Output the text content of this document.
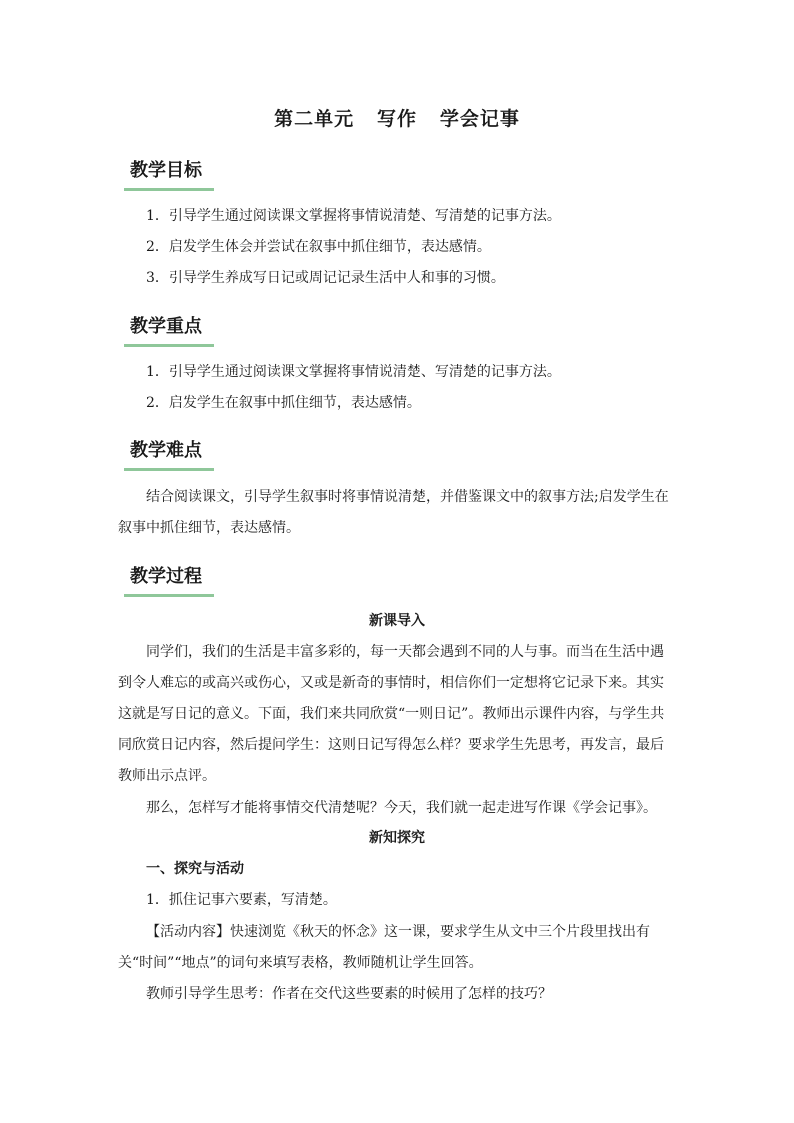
第二单元   写作   学会记事
教学目标
1．引导学生通过阅读课文掌握将事情说清楚、写清楚的记事方法。
2．启发学生体会并尝试在叙事中抓住细节，表达感情。
3．引导学生养成写日记或周记记录生活中人和事的习惯。
教学重点
1．引导学生通过阅读课文掌握将事情说清楚、写清楚的记事方法。
2．启发学生在叙事中抓住细节，表达感情。
教学难点
结合阅读课文，引导学生叙事时将事情说清楚，并借鉴课文中的叙事方法;启发学生在叙事中抓住细节，表达感情。
教学过程
新课导入
同学们，我们的生活是丰富多彩的，每一天都会遇到不同的人与事。而当在生活中遇到令人难忘的或高兴或伤心，又或是新奇的事情时，相信你们一定想将它记录下来。其实这就是写日记的意义。下面，我们来共同欣赏“一则日记”。教师出示课件内容，与学生共同欣赏日记内容，然后提问学生：这则日记写得怎么样？要求学生先思考，再发言，最后教师出示点评。
那么，怎样写才能将事情交代清楚呢？今天，我们就一起走进写作课《学会记事》。
新知探究
一、探究与活动
1．抓住记事六要素，写清楚。
【活动内容】快速浏览《秋天的怀念》这一课，要求学生从文中三个片段里找出有关“时间”“地点”的词句来填写表格，教师随机让学生回答。
教师引导学生思考：作者在交代这些要素的时候用了怎样的技巧？
